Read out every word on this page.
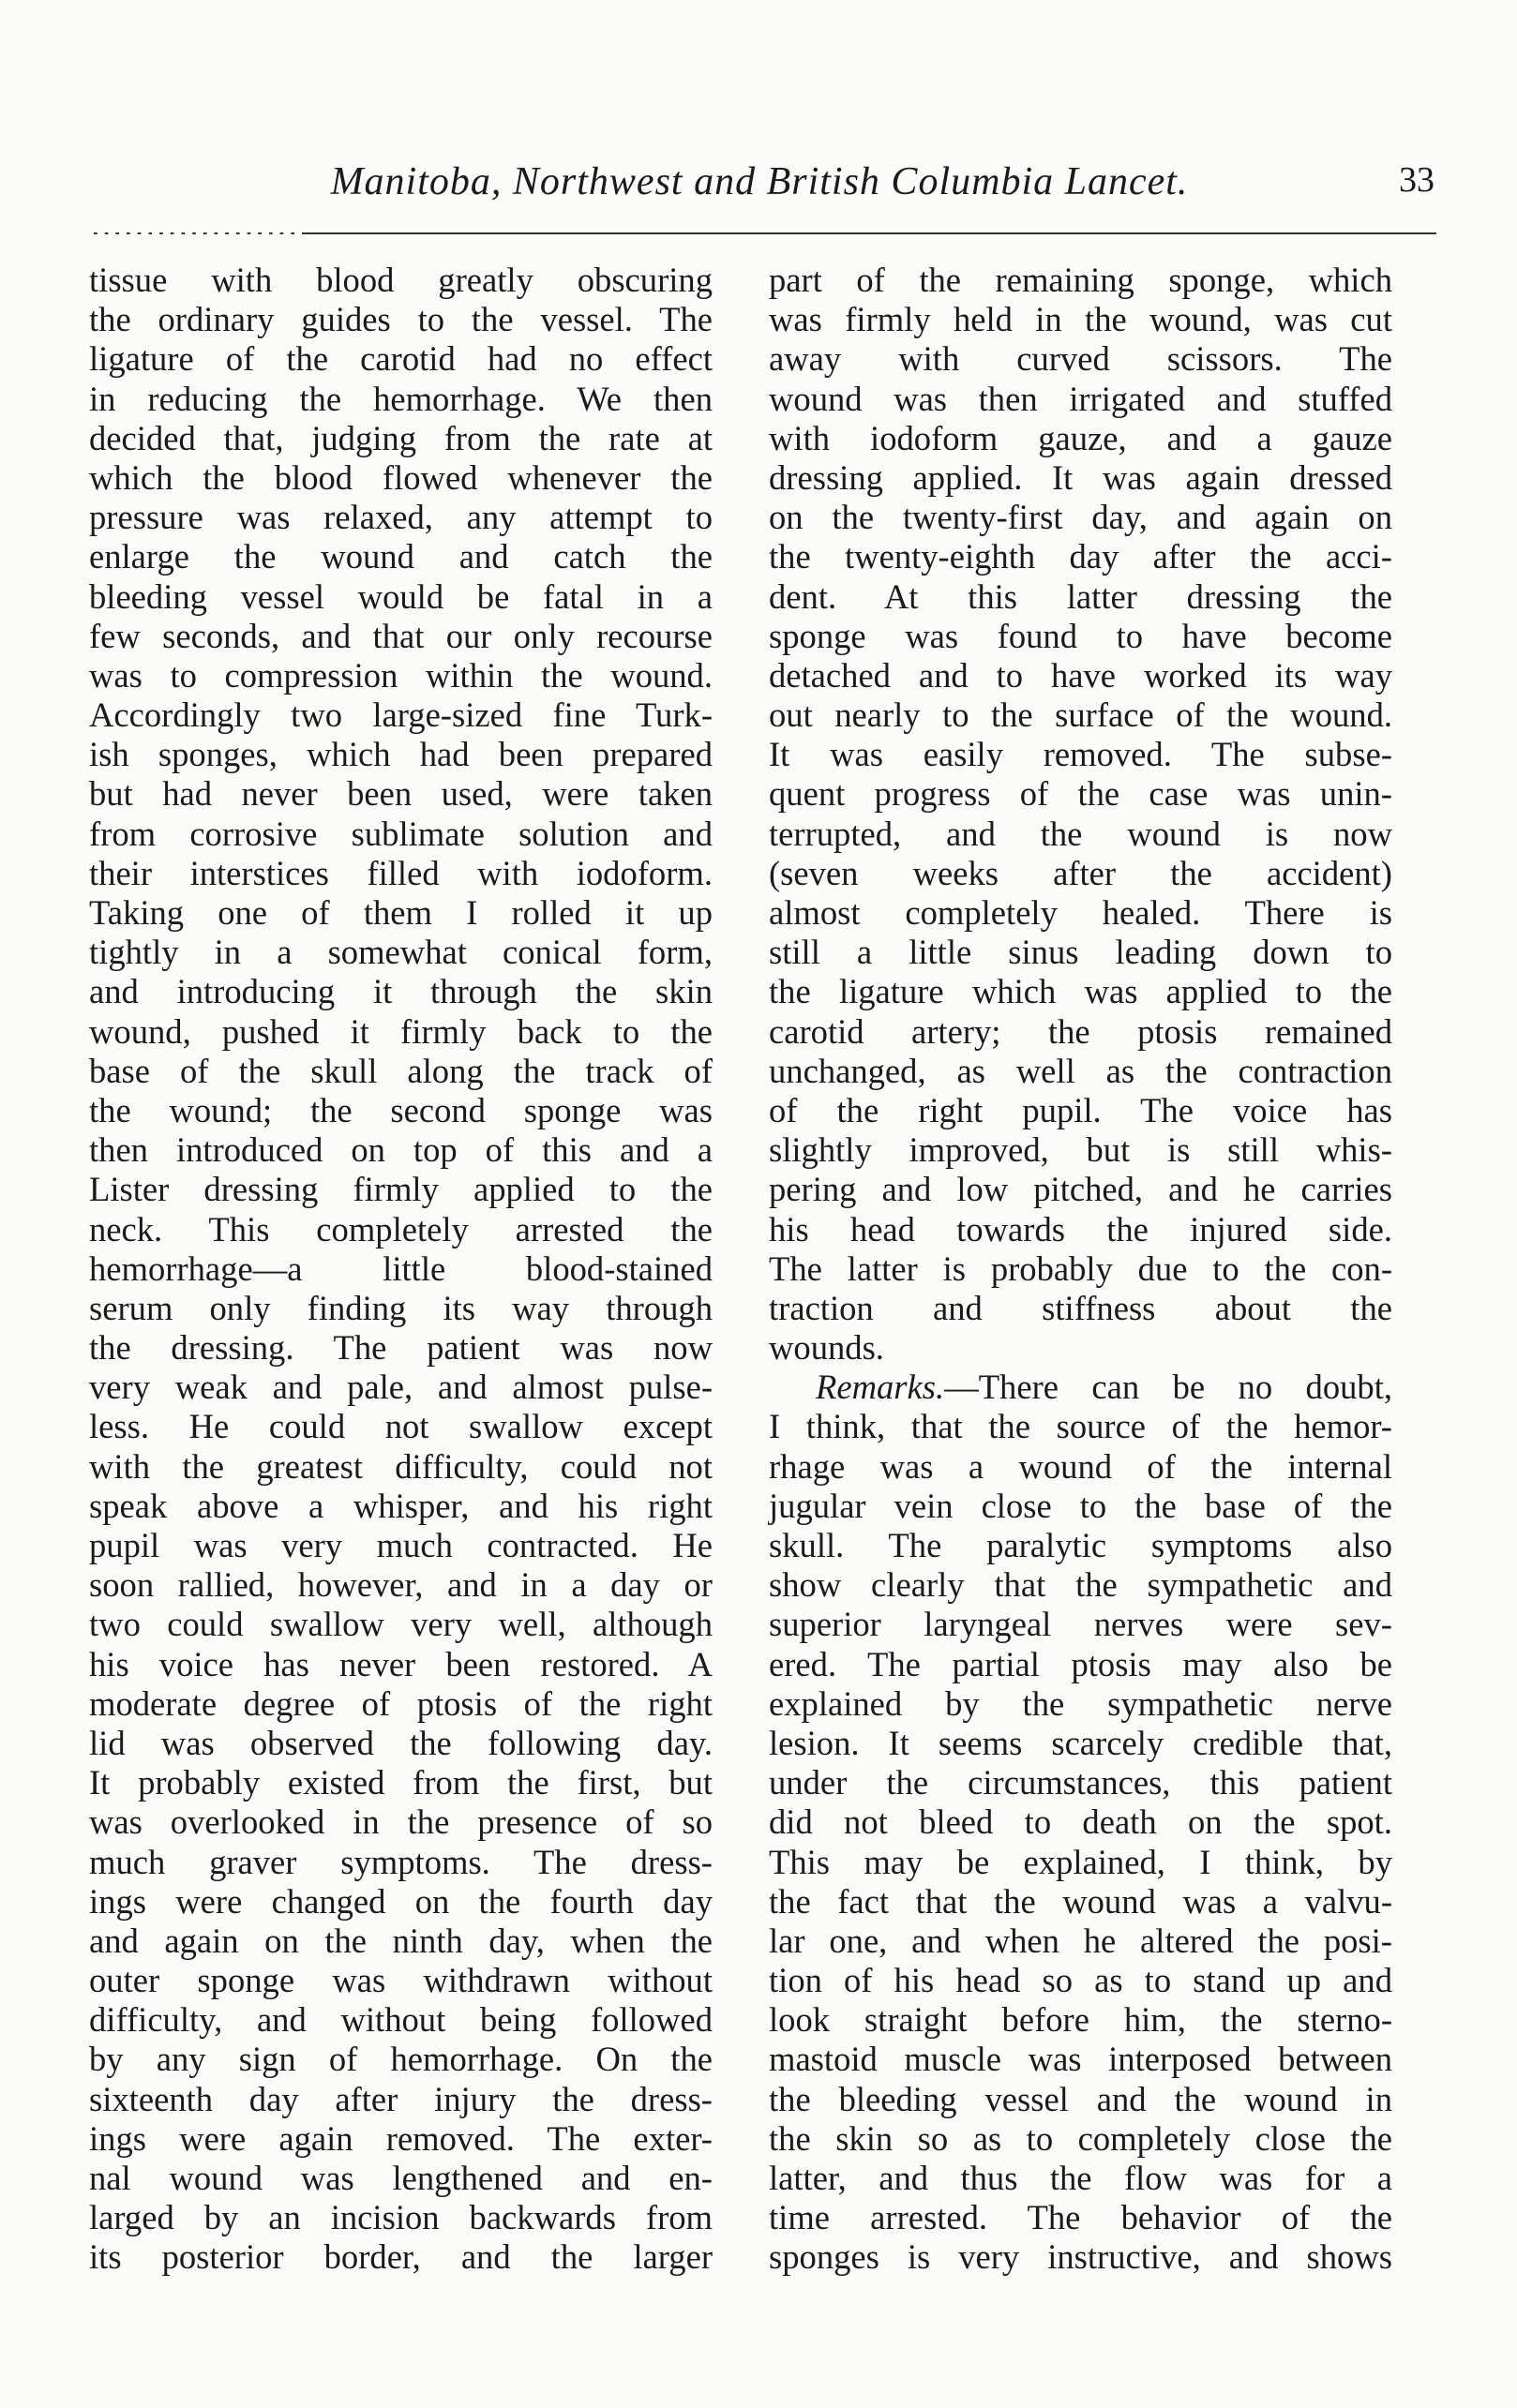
Manitoba, Northwest and British Columbia Lancet.	33
tissue with blood greatly obscuring
the ordinary guides to the vessel. The
ligature of the carotid had no effect
in reducing the hemorrhage. We then
decided that, judging from the rate at
which the blood flowed whenever the
pressure was relaxed, any attempt to
enlarge the wound and catch the
bleeding vessel would be fatal in a
few seconds, and that our only recourse
was to compression within the wound.
Accordingly two large-sized fine Turk-
ish sponges, which had been prepared
but had never been used, were taken
from corrosive sublimate solution and
their interstices filled with iodoform.
Taking one of them I rolled it up
tightly in a somewhat conical form,
and introducing it through the skin
wound, pushed it firmly back to the
base of the skull along the track of
the wound; the second sponge was
then introduced on top of this and a
Lister dressing firmly applied to the
neck. This completely arrested the
hemorrhage—a little blood-stained
serum only finding its way through
the dressing. The patient was now
very weak and pale, and almost pulse-
less. He could not swallow except
with the greatest difficulty, could not
speak above a whisper, and his right
pupil was very much contracted. He
soon rallied, however, and in a day or
two could swallow very well, although
his voice has never been restored. A
moderate degree of ptosis of the right
lid was observed the following day.
It probably existed from the first, but
was overlooked in the presence of so
much graver symptoms. The dress-
ings were changed on the fourth day
and again on the ninth day, when the
outer sponge was withdrawn without
difficulty, and without being followed
by any sign of hemorrhage. On the
sixteenth day after injury the dress-
ings were again removed. The exter-
nal wound was lengthened and en-
larged by an incision backwards from
its posterior border, and the larger
part of the remaining sponge, which
was firmly held in the wound, was cut
away with curved scissors. The
wound was then irrigated and stuffed
with iodoform gauze, and a gauze
dressing applied. It was again dressed
on the twenty-first day, and again on
the twenty-eighth day after the acci-
dent. At this latter dressing the
sponge was found to have become
detached and to have worked its way
out nearly to the surface of the wound.
It was easily removed. The subse-
quent progress of the case was unin-
terrupted, and the wound is now
(seven weeks after the accident)
almost completely healed. There is
still a little sinus leading down to
the ligature which was applied to the
carotid artery; the ptosis remained
unchanged, as well as the contraction
of the right pupil. The voice has
slightly improved, but is still whis-
pering and low pitched, and he carries
his head towards the injured side.
The latter is probably due to the con-
traction and stiffness about the
wounds.
Remarks.—There can be no doubt,
I think, that the source of the hemor-
rhage was a wound of the internal
jugular vein close to the base of the
skull. The paralytic symptoms also
show clearly that the sympathetic and
superior laryngeal nerves were sev-
ered. The partial ptosis may also be
explained by the sympathetic nerve
lesion. It seems scarcely credible that,
under the circumstances, this patient
did not bleed to death on the spot.
This may be explained, I think, by
the fact that the wound was a valvu-
lar one, and when he altered the posi-
tion of his head so as to stand up and
look straight before him, the sterno-
mastoid muscle was interposed between
the bleeding vessel and the wound in
the skin so as to completely close the
latter, and thus the flow was for a
time arrested. The behavior of the
sponges is very instructive, and shows
